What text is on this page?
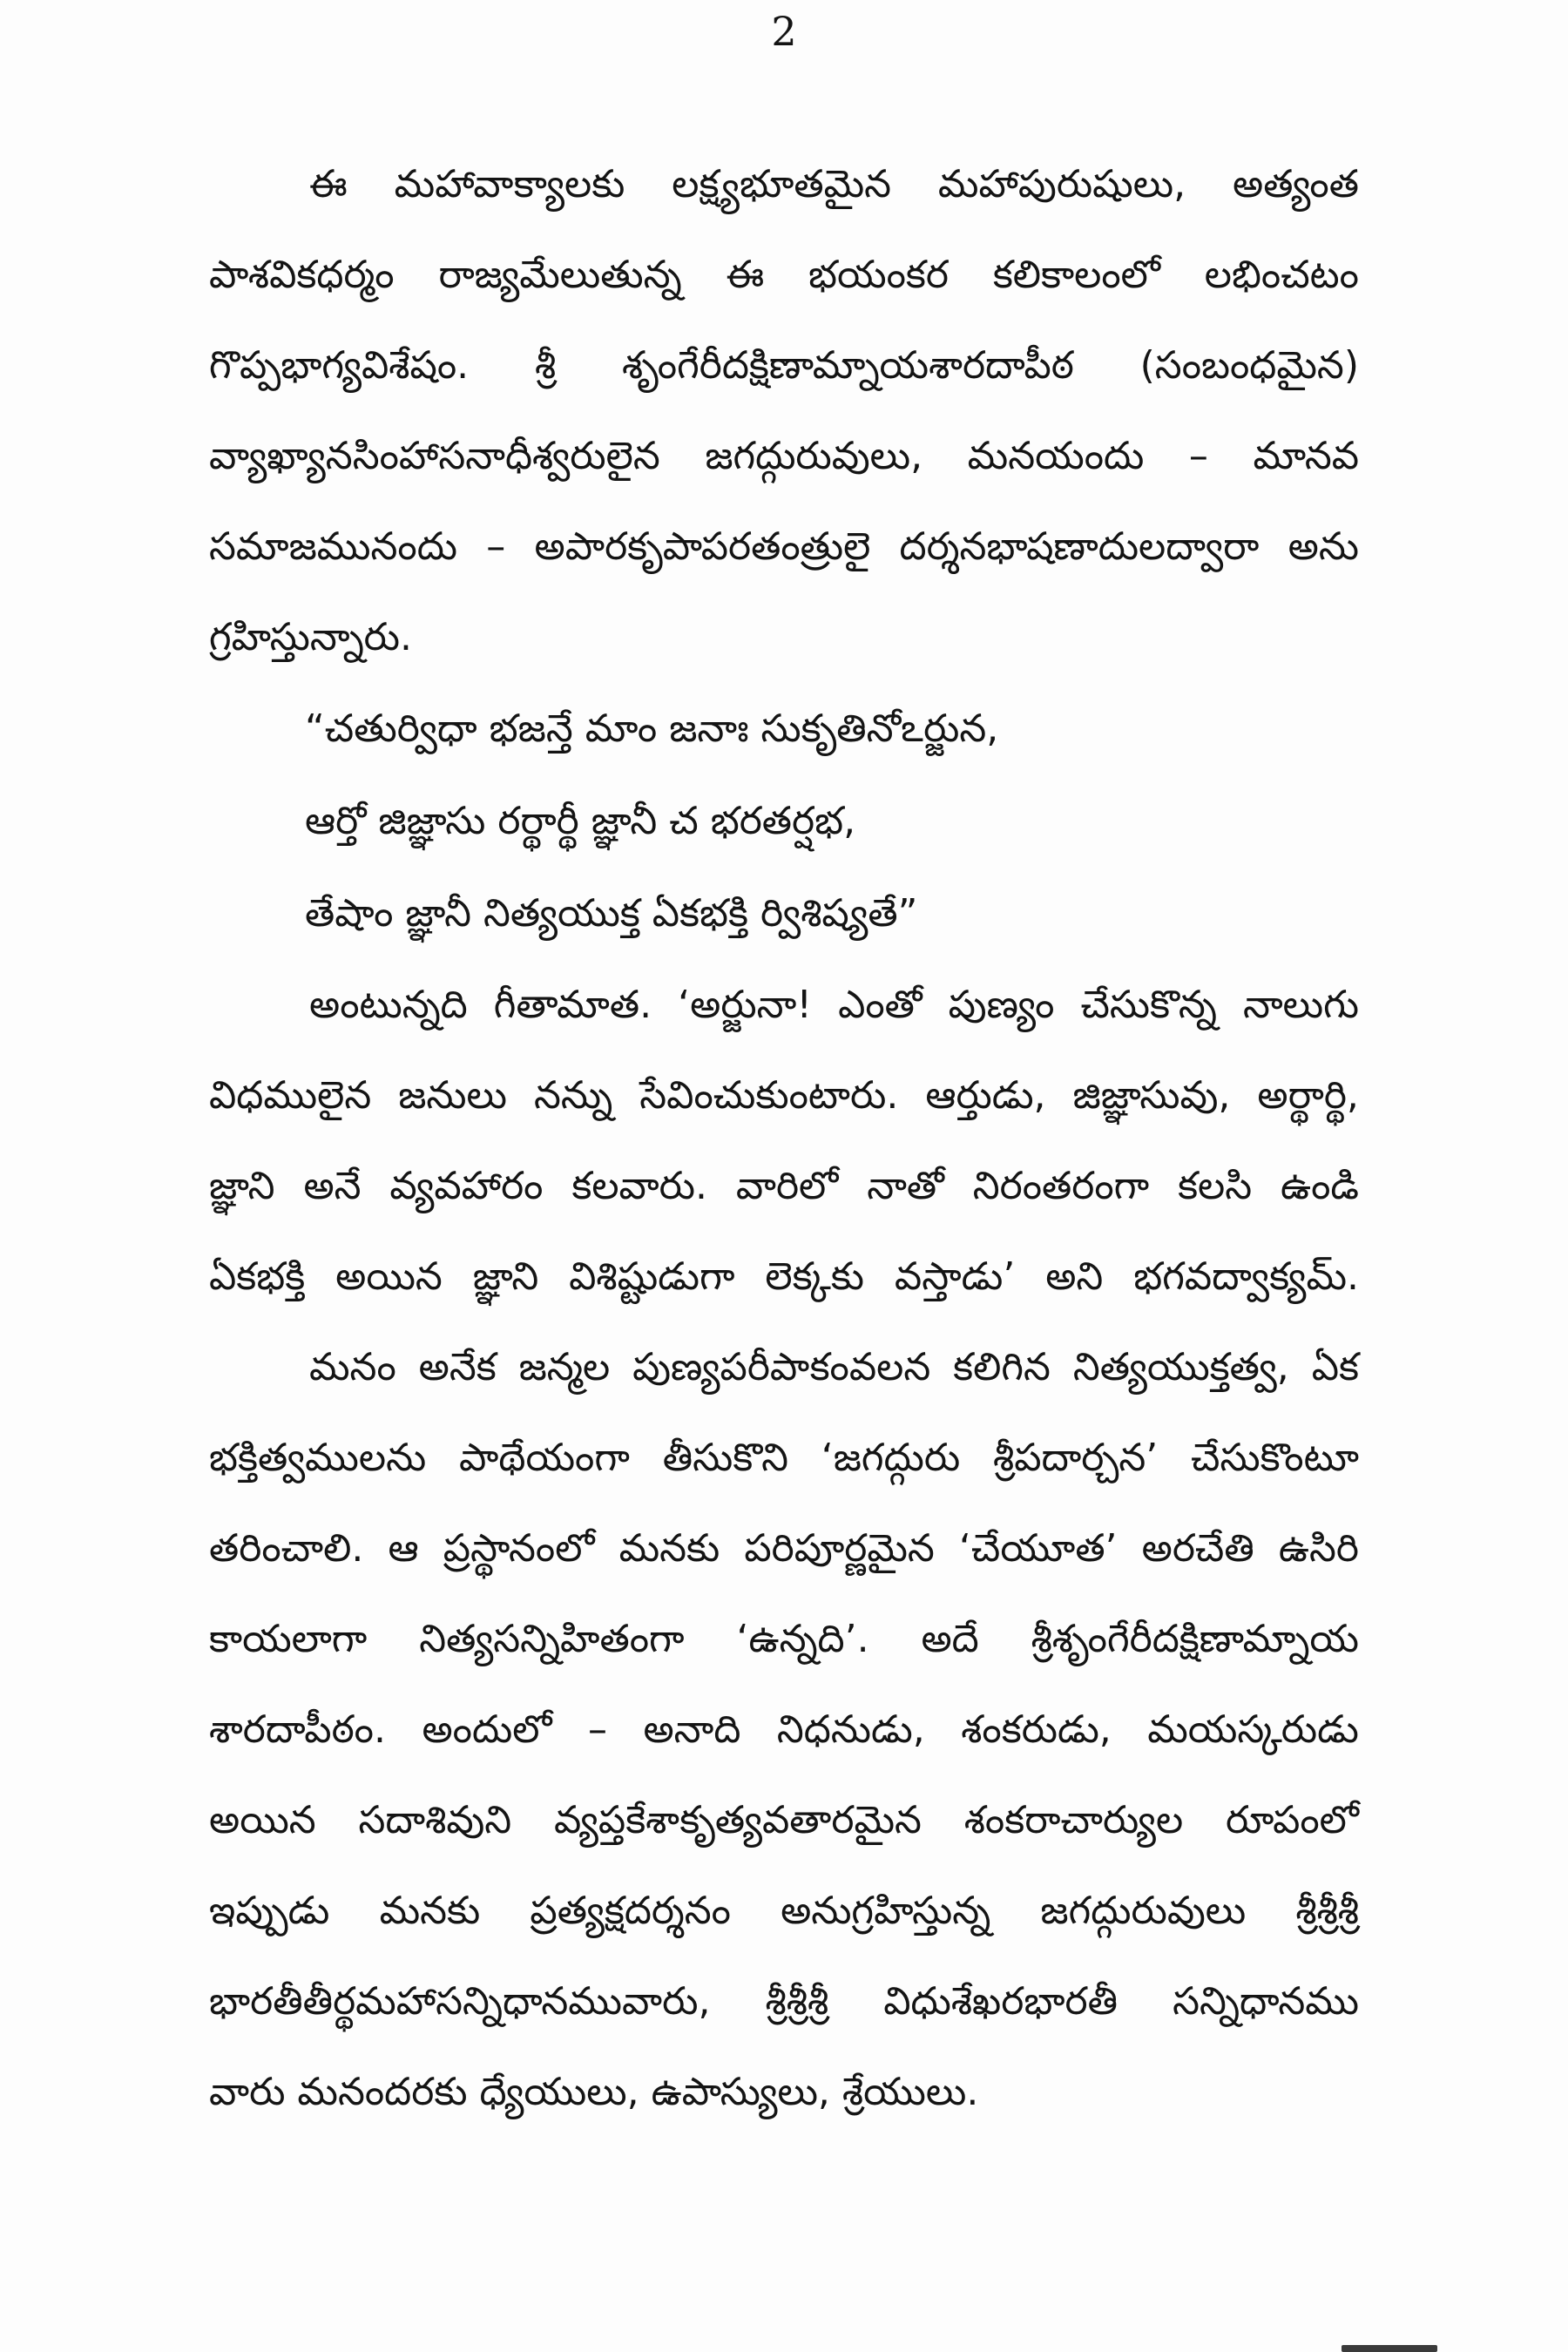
2
ఈ మహావాక్యాలకు లక్ష్యభూతమైన మహాపురుషులు, అత్యంత
పాశవికధర్మం రాజ్యమేలుతున్న ఈ భయంకర కలికాలంలో లభించటం
గొప్పభాగ్యవిశేషం. శ్రీ శృంగేరీదక్షిణామ్నాయశారదాపీఠ (సంబంధమైన)
వ్యాఖ్యానసింహాసనాధీశ్వరులైన జగద్గురువులు, మనయందు – మానవ
సమాజమునందు – అపారకృపాపరతంత్రులై దర్శనభాషణాదులద్వారా అను
గ్రహిస్తున్నారు.
“చతుర్విధా భజన్తే మాం జనాః సుకృతినోఽర్జున,
ఆర్తో జిజ్ఞాసు రర్థార్థీ జ్ఞానీ చ భరతర్షభ,
తేషాం జ్ఞానీ నిత్యయుక్త ఏకభక్తి ర్విశిష్యతే”
అంటున్నది గీతామాత. ‘అర్జునా! ఎంతో పుణ్యం చేసుకొన్న నాలుగు
విధములైన జనులు నన్ను సేవించుకుంటారు. ఆర్తుడు, జిజ్ఞాసువు, అర్థార్థి,
జ్ఞాని అనే వ్యవహారం కలవారు. వారిలో నాతో నిరంతరంగా కలసి ఉండి
ఏకభక్తి అయిన జ్ఞాని విశిష్టుడుగా లెక్కకు వస్తాడు’ అని భగవద్వాక్యమ్.
మనం అనేక జన్మల పుణ్యపరీపాకంవలన కలిగిన నిత్యయుక్తత్వ, ఏక
భక్తిత్వములను పాథేయంగా తీసుకొని ‘జగద్గురు శ్రీపదార్చన’ చేసుకొంటూ
తరించాలి. ఆ ప్రస్థానంలో మనకు పరిపూర్ణమైన ‘చేయూత’ అరచేతి ఉసిరి
కాయలాగా నిత్యసన్నిహితంగా ‘ఉన్నది’. అదే శ్రీశృంగేరీదక్షిణామ్నాయ
శారదాపీఠం. అందులో – అనాది నిధనుడు, శంకరుడు, మయస్కరుడు
అయిన సదాశివుని వ్యప్తకేశాకృత్యవతారమైన శంకరాచార్యుల రూపంలో
ఇప్పుడు మనకు ప్రత్యక్షదర్శనం అనుగ్రహిస్తున్న జగద్గురువులు శ్రీశ్రీశ్రీ
భారతీతీర్థమహాసన్నిధానమువారు, శ్రీశ్రీశ్రీ విధుశేఖరభారతీ సన్నిధానము
వారు మనందరకు ధ్యేయులు, ఉపాస్యులు, శ్రేయులు.
